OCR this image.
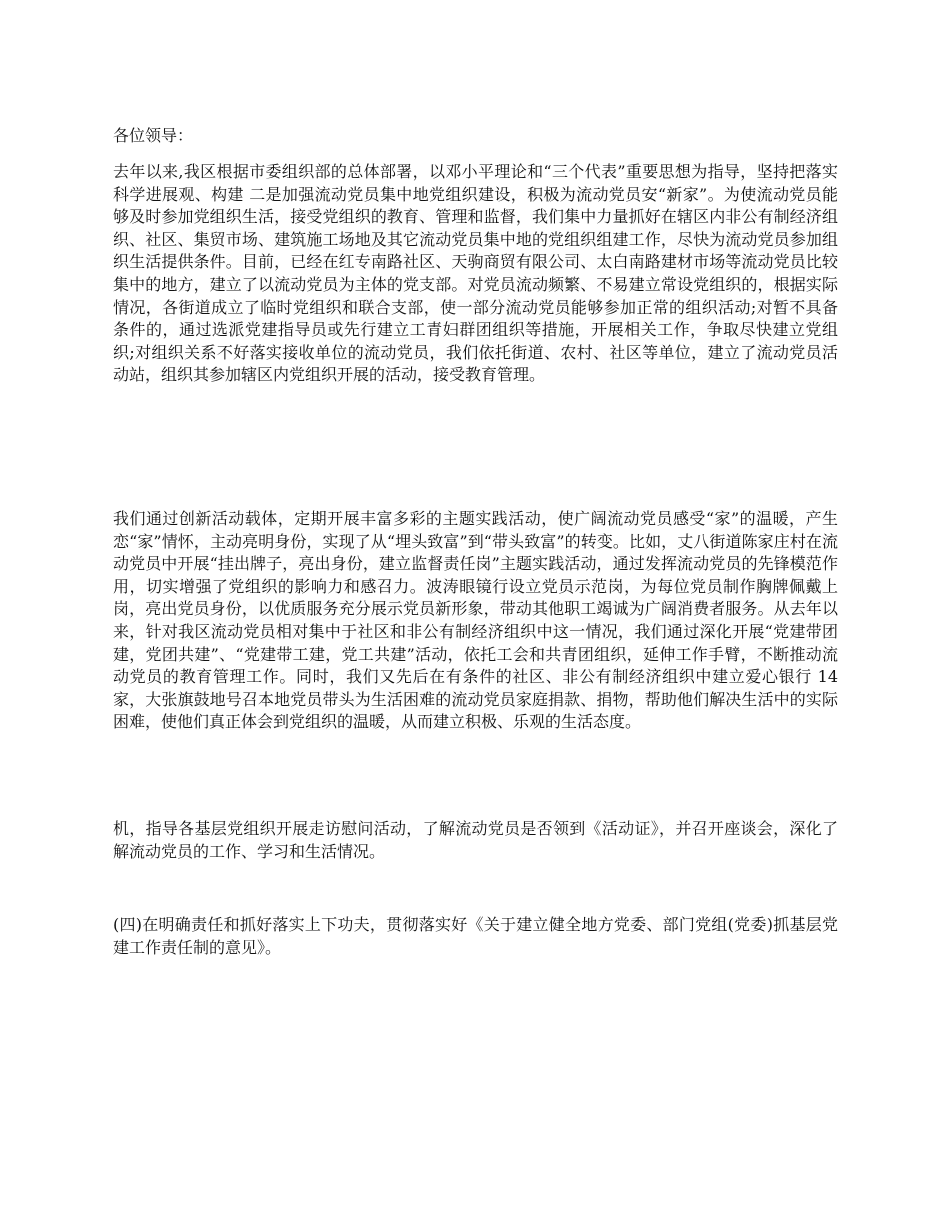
各位领导：

去年以来,我区根据市委组织部的总体部署，以邓小平理论和“三个代表”重要思想为指导，坚持把落实科学进展观、构建 二是加强流动党员集中地党组织建设，积极为流动党员安“新家”。为使流动党员能够及时参加党组织生活，接受党组织的教育、管理和监督，我们集中力量抓好在辖区内非公有制经济组织、社区、集贸市场、建筑施工场地及其它流动党员集中地的党组织组建工作，尽快为流动党员参加组织生活提供条件。目前，已经在红专南路社区、天驹商贸有限公司、太白南路建材市场等流动党员比较集中的地方，建立了以流动党员为主体的党支部。对党员流动频繁、不易建立常设党组织的，根据实际情况，各街道成立了临时党组织和联合支部，使一部分流动党员能够参加正常的组织活动;对暂不具备条件的，通过选派党建指导员或先行建立工青妇群团组织等措施，开展相关工作，争取尽快建立党组织;对组织关系不好落实接收单位的流动党员，我们依托街道、农村、社区等单位，建立了流动党员活动站，组织其参加辖区内党组织开展的活动，接受教育管理。

我们通过创新活动载体，定期开展丰富多彩的主题实践活动，使广阔流动党员感受“家”的温暖，产生恋“家”情怀，主动亮明身份，实现了从“埋头致富”到“带头致富”的转变。比如，丈八街道陈家庄村在流动党员中开展“挂出牌子，亮出身份，建立监督责任岗”主题实践活动，通过发挥流动党员的先锋模范作用，切实增强了党组织的影响力和感召力。波涛眼镜行设立党员示范岗，为每位党员制作胸牌佩戴上岗，亮出党员身份，以优质服务充分展示党员新形象，带动其他职工竭诚为广阔消费者服务。从去年以来，针对我区流动党员相对集中于社区和非公有制经济组织中这一情况，我们通过深化开展“党建带团建，党团共建”、“党建带工建，党工共建”活动，依托工会和共青团组织，延伸工作手臂，不断推动流动党员的教育管理工作。同时，我们又先后在有条件的社区、非公有制经济组织中建立爱心银行 14 家，大张旗鼓地号召本地党员带头为生活困难的流动党员家庭捐款、捐物，帮助他们解决生活中的实际困难，使他们真正体会到党组织的温暖，从而建立积极、乐观的生活态度。

机，指导各基层党组织开展走访慰问活动，了解流动党员是否领到《活动证》，并召开座谈会，深化了解流动党员的工作、学习和生活情况。

(四)在明确责任和抓好落实上下功夫，贯彻落实好《关于建立健全地方党委、部门党组(党委)抓基层党建工作责任制的意见》。
